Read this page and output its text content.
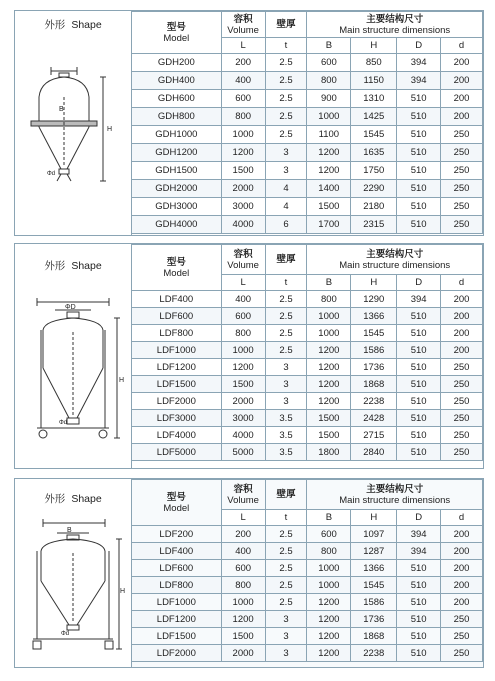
外形 Shape
B
H
Φd
型号
Model	容积
Volume	壁厚	主要结构尺寸
Main structure dimensions			

	L	t	B	H	D	d
GDH200	200	2.5	600	850	394	200
GDH400	400	2.5	800	1150	394	200
GDH600	600	2.5	900	1310	510	200
GDH800	800	2.5	1000	1425	510	200
GDH1000	1000	2.5	1100	1545	510	250
GDH1200	1200	3	1200	1635	510	250
GDH1500	1500	3	1200	1750	510	250
GDH2000	2000	4	1400	2290	510	250
GDH3000	3000	4	1500	2180	510	250
GDH4000	4000	6	1700	2315	510	250
外形 Shape
ΦD
H
Φd
型号
Model	容积
Volume	壁厚	主要结构尺寸
Main structure dimensions			

	L	t	B	H	D	d
LDF400	400	2.5	800	1290	394	200
LDF600	600	2.5	1000	1366	510	200
LDF800	800	2.5	1000	1545	510	200
LDF1000	1000	2.5	1200	1586	510	200
LDF1200	1200	3	1200	1736	510	250
LDF1500	1500	3	1200	1868	510	250
LDF2000	2000	3	1200	2238	510	250
LDF3000	3000	3.5	1500	2428	510	250
LDF4000	4000	3.5	1500	2715	510	250
LDF5000	5000	3.5	1800	2840	510	250
外形 Shape
B
H
Φd
型号
Model	容积
Volume	壁厚	主要结构尺寸
Main structure dimensions			

	L	t	B	H	D	d
LDF200	200	2.5	600	1097	394	200
LDF400	400	2.5	800	1287	394	200
LDF600	600	2.5	1000	1366	510	200
LDF800	800	2.5	1000	1545	510	200
LDF1000	1000	2.5	1200	1586	510	200
LDF1200	1200	3	1200	1736	510	250
LDF1500	1500	3	1200	1868	510	250
LDF2000	2000	3	1200	2238	510	250
